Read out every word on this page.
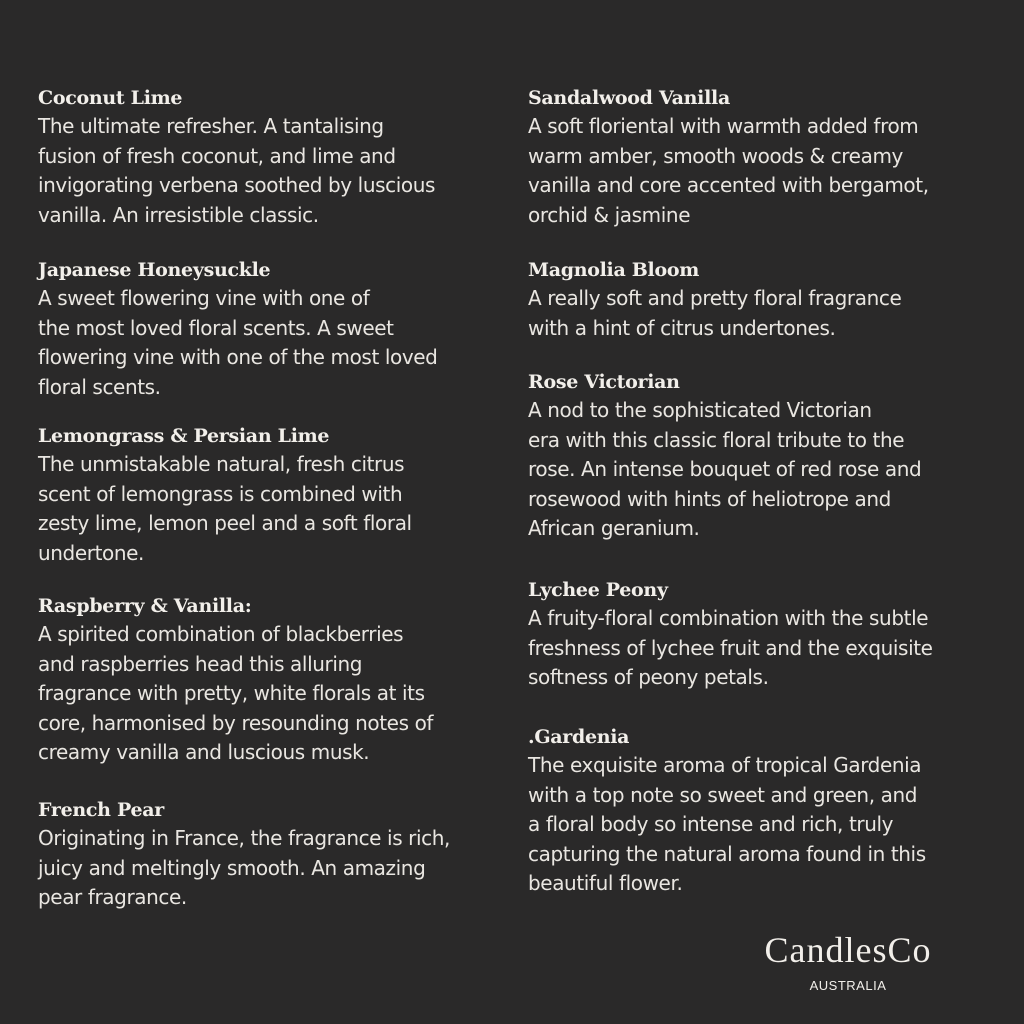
Coconut Lime
The ultimate refresher. A tantalising
fusion of fresh coconut, and lime and
invigorating verbena soothed by luscious
vanilla. An irresistible classic.
Japanese Honeysuckle
A sweet flowering vine with one of
the most loved floral scents. A sweet
flowering vine with one of the most loved
floral scents.
Lemongrass & Persian Lime
The unmistakable natural, fresh citrus
scent of lemongrass is combined with
zesty lime, lemon peel and a soft floral
undertone.
Raspberry & Vanilla:
A spirited combination of blackberries
and raspberries head this alluring
fragrance with pretty, white florals at its
core, harmonised by resounding notes of
creamy vanilla and luscious musk.
French Pear
Originating in France, the fragrance is rich,
juicy and meltingly smooth. An amazing
pear fragrance.
Sandalwood Vanilla
A soft floriental with warmth added from
warm amber, smooth woods & creamy
vanilla and core accented with bergamot,
orchid & jasmine
Magnolia Bloom
A really soft and pretty floral fragrance
with a hint of citrus undertones.
Rose Victorian
A nod to the sophisticated Victorian
era with this classic floral tribute to the
rose. An intense bouquet of red rose and
rosewood with hints of heliotrope and
African geranium.
Lychee Peony
A fruity-floral combination with the subtle
freshness of lychee fruit and the exquisite
softness of peony petals.
.Gardenia
The exquisite aroma of tropical Gardenia
with a top note so sweet and green, and
a floral body so intense and rich, truly
capturing the natural aroma found in this
beautiful flower.
CandlesCo
AUSTRALIA
